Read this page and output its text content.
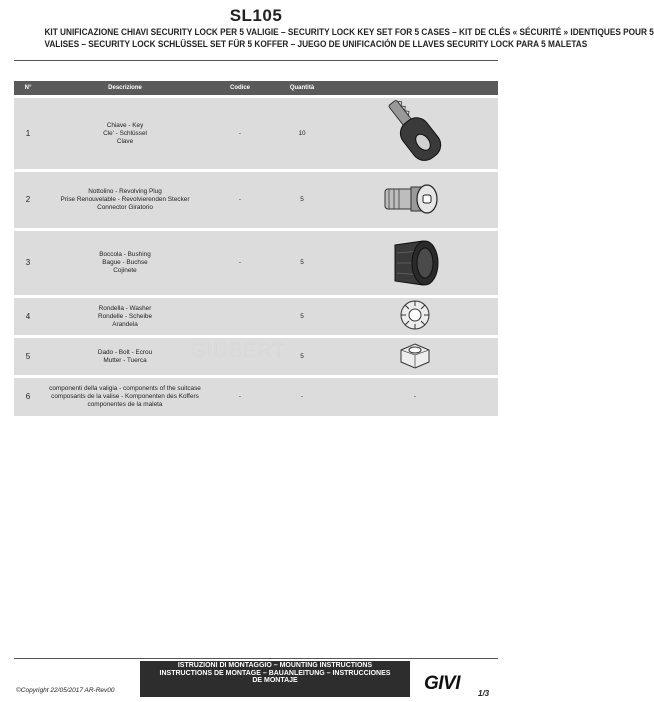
SL105
KIT UNIFICAZIONE CHIAVI SECURITY LOCK PER 5 VALIGIE – SECURITY LOCK KEY SET FOR 5 CASES – KIT DE CLÉS « SÉCURITÉ » IDENTIQUES POUR 5
VALISES – SECURITY LOCK SCHLÜSSEL SET FÜR 5 KOFFER – JUEGO DE UNIFICACIÓN DE LLAVES SECURITY LOCK PARA 5 MALETAS
N°	Descrizione	Codice	Quantità	

1	Chiave - Key
Cle' - Schlüssel
Clave	-	10	

2	Nottolino - Revolving Plug
Prise Renouvelable - Revolvierenden Stecker
Connector Giratorio	-	5	

3	Boccola - Bushing
Bague - Buchse
Cojinete	-	5	

4	Rondella - Washer
Rondelle - Scheibe
Arandela		5	

5	Dado - Bolt - Ecrou
Mutter - Tuerca		5	

6	componenti della valigia - components of the suitcase
composants de la valise - Komponenten des Koffers
componentes de la maleta	-	-	-
GIUBERT
ISTRUZIONI DI MONTAGGIO – MOUNTING INSTRUCTIONS
INSTRUCTIONS DE MONTAGE – BAUANLEITUNG – INSTRUCCIONES
DE MONTAJE
©Copyright 22/05/2017 AR-Rev00	GIVI 1/3
